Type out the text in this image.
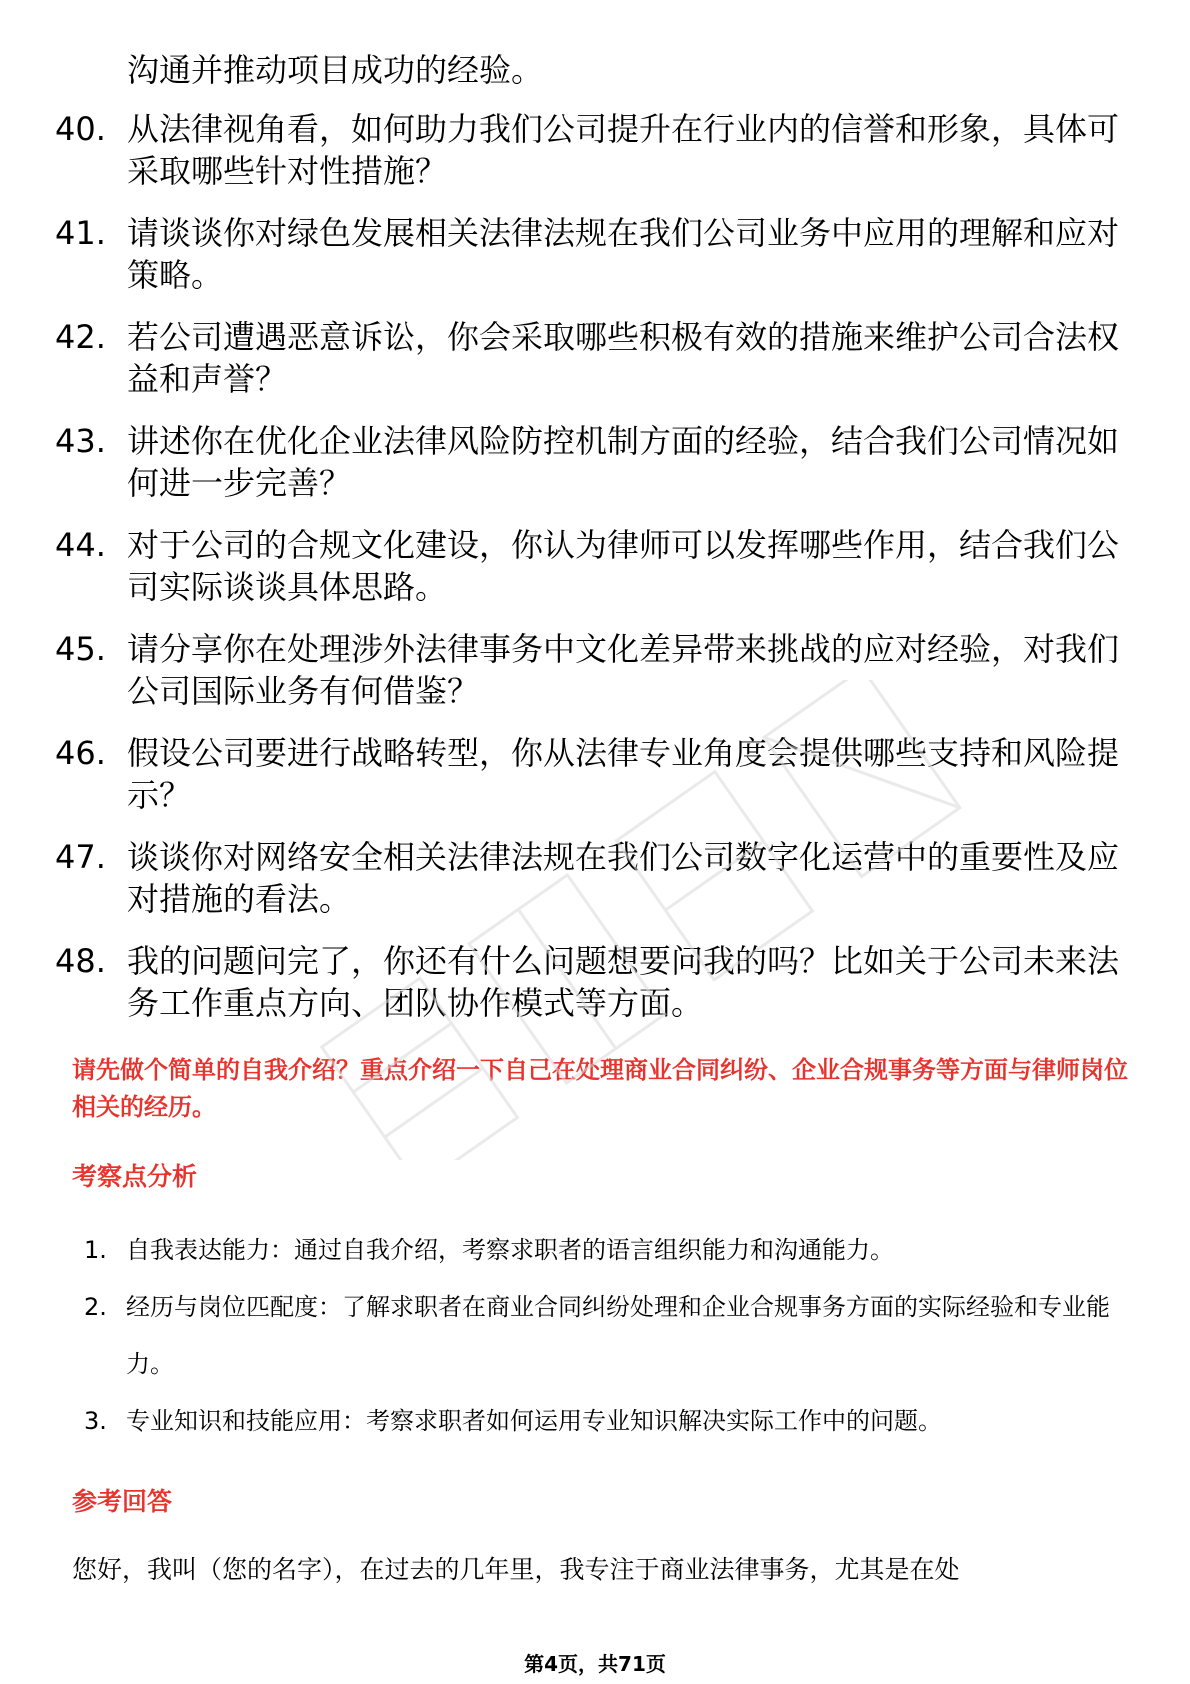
沟通并推动项目成功的经验。

40. 从法律视角看，如何助力我们公司提升在行业内的信誉和形象，具体可采取哪些针对性措施？
41. 请谈谈你对绿色发展相关法律法规在我们公司业务中应用的理解和应对策略。
42. 若公司遭遇恶意诉讼，你会采取哪些积极有效的措施来维护公司合法权益和声誉？
43. 讲述你在优化企业法律风险防控机制方面的经验，结合我们公司情况如何进一步完善？
44. 对于公司的合规文化建设，你认为律师可以发挥哪些作用，结合我们公司实际谈谈具体思路。
45. 请分享你在处理涉外法律事务中文化差异带来挑战的应对经验，对我们公司国际业务有何借鉴？
46. 假设公司要进行战略转型，你从法律专业角度会提供哪些支持和风险提示？
47. 谈谈你对网络安全相关法律法规在我们公司数字化运营中的重要性及应对措施的看法。
48. 我的问题问完了，你还有什么问题想要问我的吗？比如关于公司未来法务工作重点方向、团队协作模式等方面。

请先做个简单的自我介绍？重点介绍一下自己在处理商业合同纠纷、企业合规事务等方面与律师岗位相关的经历。

考察点分析
1. 自我表达能力：通过自我介绍，考察求职者的语言组织能力和沟通能力。
2. 经历与岗位匹配度：了解求职者在商业合同纠纷处理和企业合规事务方面的实际经验和专业能力。
3. 专业知识和技能应用：考察求职者如何运用专业知识解决实际工作中的问题。
参考回答

您好，我叫（您的名字），在过去的几年里，我专注于商业法律事务，尤其是在处

第4页，共71页
